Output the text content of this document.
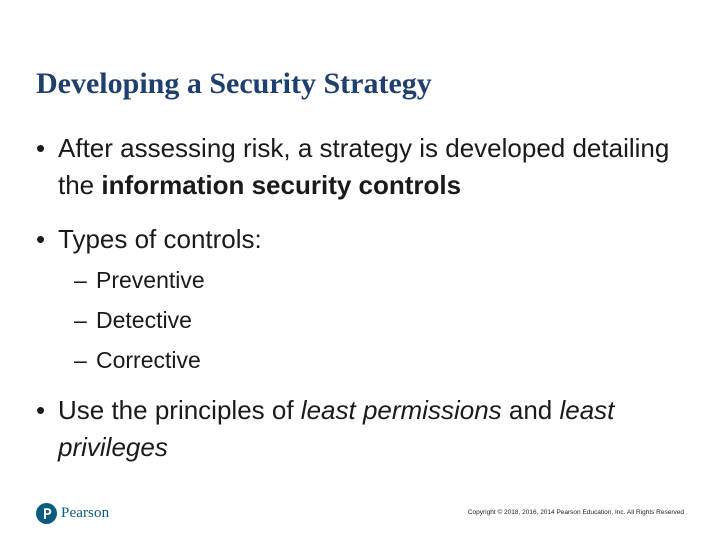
Developing a Security Strategy
• After assessing risk, a strategy is developed detailing the information security controls
• Types of controls:
– Preventive
– Detective
– Corrective
• Use the principles of least permissions and least privileges
Pearson	Copyright © 2018, 2016, 2014 Pearson Education, Inc. All Rights Reserved
